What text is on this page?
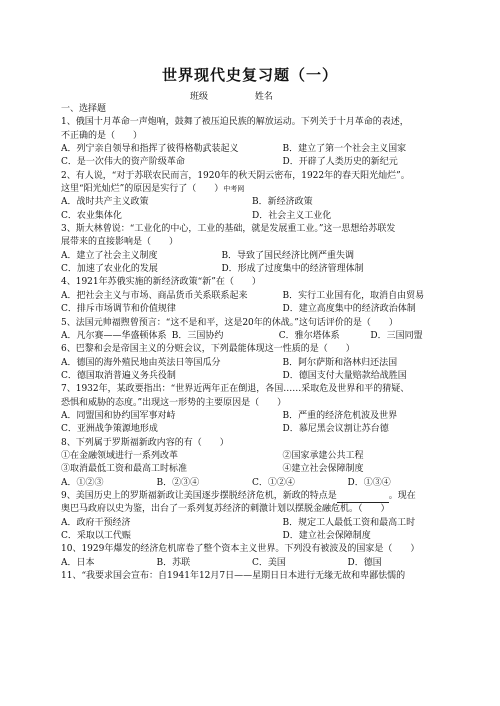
世界现代史复习题（一）
班级	姓名
一、选择题
1、俄国十月革命一声炮响，鼓舞了被压迫民族的解放运动。下列关于十月革命的表述，
不正确的是（　　）
A．列宁亲自领导和指挥了彼得格勒武装起义	B．建立了第一个社会主义国家
C．是一次伟大的资产阶级革命	D．开辟了人类历史的新纪元
2、有人说，“对于苏联农民而言，1920年的秋天阴云密布，1922年的春天阳光灿烂”。
这里“阳光灿烂”的原因是实行了（　　）中考网
A．战时共产主义政策	B．新经济政策
C．农业集体化	D．社会主义工业化
3、斯大林曾说：“工业化的中心，工业的基础，就是发展重工业。”这一思想给苏联发
展带来的直接影响是（　　）
A．建立了社会主义制度	B．导致了国民经济比例严重失调
C．加速了农业化的发展	D．形成了过度集中的经济管理体制
4、1921年苏俄实施的新经济政策“新”在（　　）
A．把社会主义与市场、商品货币关系联系起来	B．实行工业国有化，取消自由贸易
C．排斥市场调节和价值规律	D．建立高度集中的经济政治体制
5、法国元帅福煦曾预言：“这不是和平，这是20年的休战。”这句话评价的是（　　）
A．凡尔赛——华盛顿体系 B．三国协约	C．雅尔塔体系	D．三国同盟
6、巴黎和会是帝国主义的分赃会议，下列最能体现这一性质的是（　　）
A．德国的海外殖民地由英法日等国瓜分	B．阿尔萨斯和洛林归还法国
C．德国取消普遍义务兵役制	D．德国支付大量赔款给战胜国
7、1932年，某政要指出：“世界近两年正在倒退，各国……采取危及世界和平的猜疑、
恐惧和威胁的态度。”出现这一形势的主要原因是（　　）
A．同盟国和协约国军事对峙	B．严重的经济危机波及世界
C．亚洲战争策源地形成	D．慕尼黑会议割让苏台德
8、下列属于罗斯福新政内容的有（　　）
①在金融领域进行一系列改革	②国家承建公共工程
③取消最低工资和最高工时标准	④建立社会保障制度
A．①②③	B．②③④	C．①②④	D．①③④
9、美国历史上的罗斯福新政让美国逐步摆脱经济危机，新政的特点是	。现在
奥巴马政府以史为鉴，出台了一系列复苏经济的刺激计划以摆脱金融危机。（　　）
A．政府干预经济	B．规定工人最低工资和最高工时
C．采取以工代赈	D．建立社会保障制度
10、1929年爆发的经济危机席卷了整个资本主义世界。下列没有被波及的国家是（　　）
A．日本	B．苏联	C．美国	D．德国
11、“我要求国会宣布：自1941年12月7日——星期日日本进行无缘无故和卑鄙怯懦的
